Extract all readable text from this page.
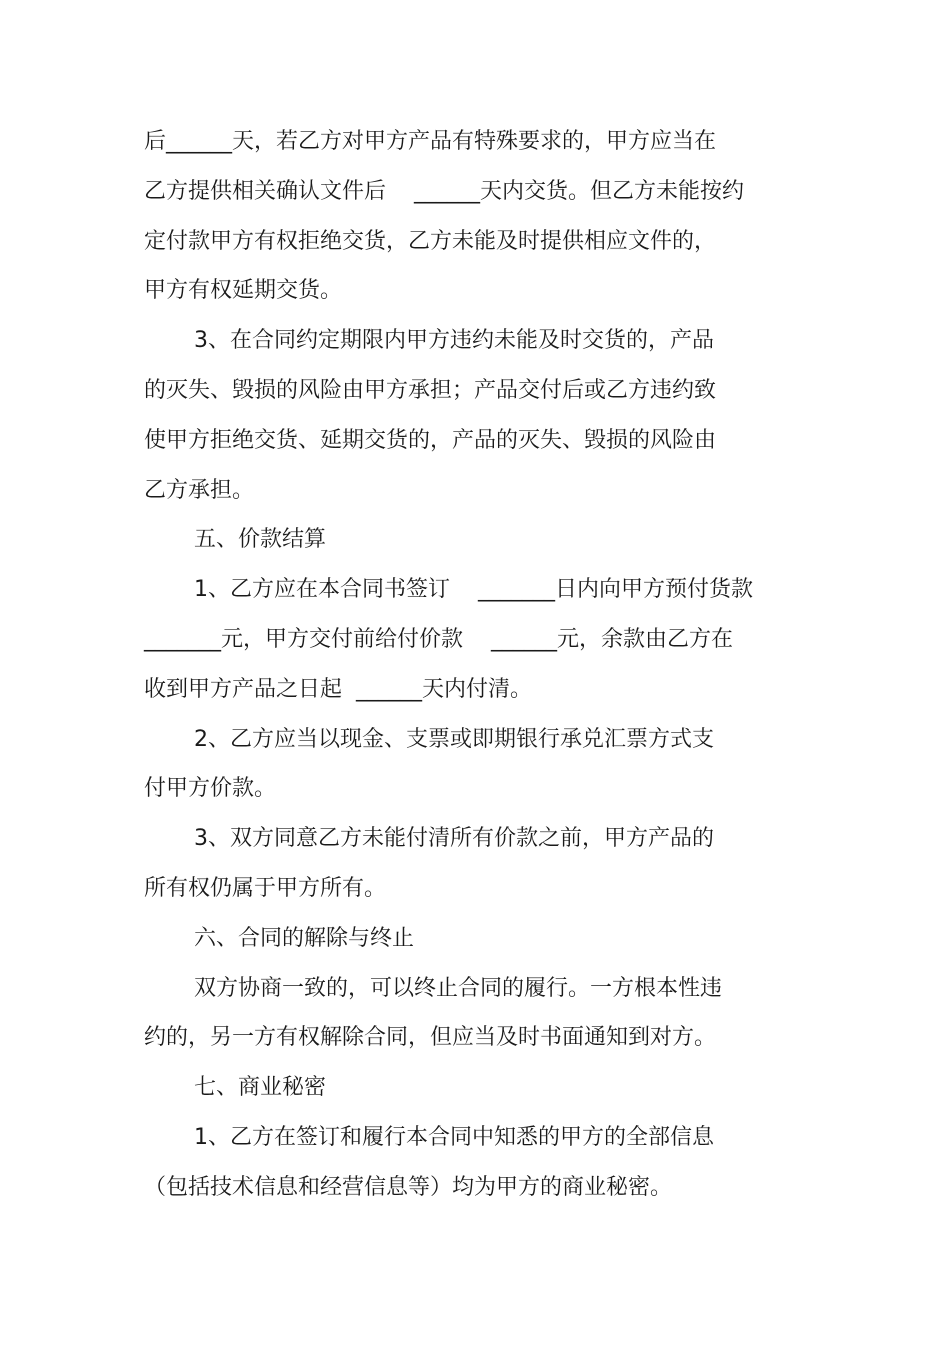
后______天，若乙方对甲方产品有特殊要求的，甲方应当在
乙方提供相关确认文件后    ______天内交货。但乙方未能按约
定付款甲方有权拒绝交货，乙方未能及时提供相应文件的，
甲方有权延期交货。
3、在合同约定期限内甲方违约未能及时交货的，产品
的灭失、毁损的风险由甲方承担；产品交付后或乙方违约致
使甲方拒绝交货、延期交货的，产品的灭失、毁损的风险由
乙方承担。
五、价款结算
1、乙方应在本合同书签订    _______日内向甲方预付货款
_______元，甲方交付前给付价款    ______元，余款由乙方在
收到甲方产品之日起  ______天内付清。
2、乙方应当以现金、支票或即期银行承兑汇票方式支
付甲方价款。
3、双方同意乙方未能付清所有价款之前，甲方产品的
所有权仍属于甲方所有。
六、合同的解除与终止
双方协商一致的，可以终止合同的履行。一方根本性违
约的，另一方有权解除合同，但应当及时书面通知到对方。
七、商业秘密
1、乙方在签订和履行本合同中知悉的甲方的全部信息
（包括技术信息和经营信息等）均为甲方的商业秘密。
